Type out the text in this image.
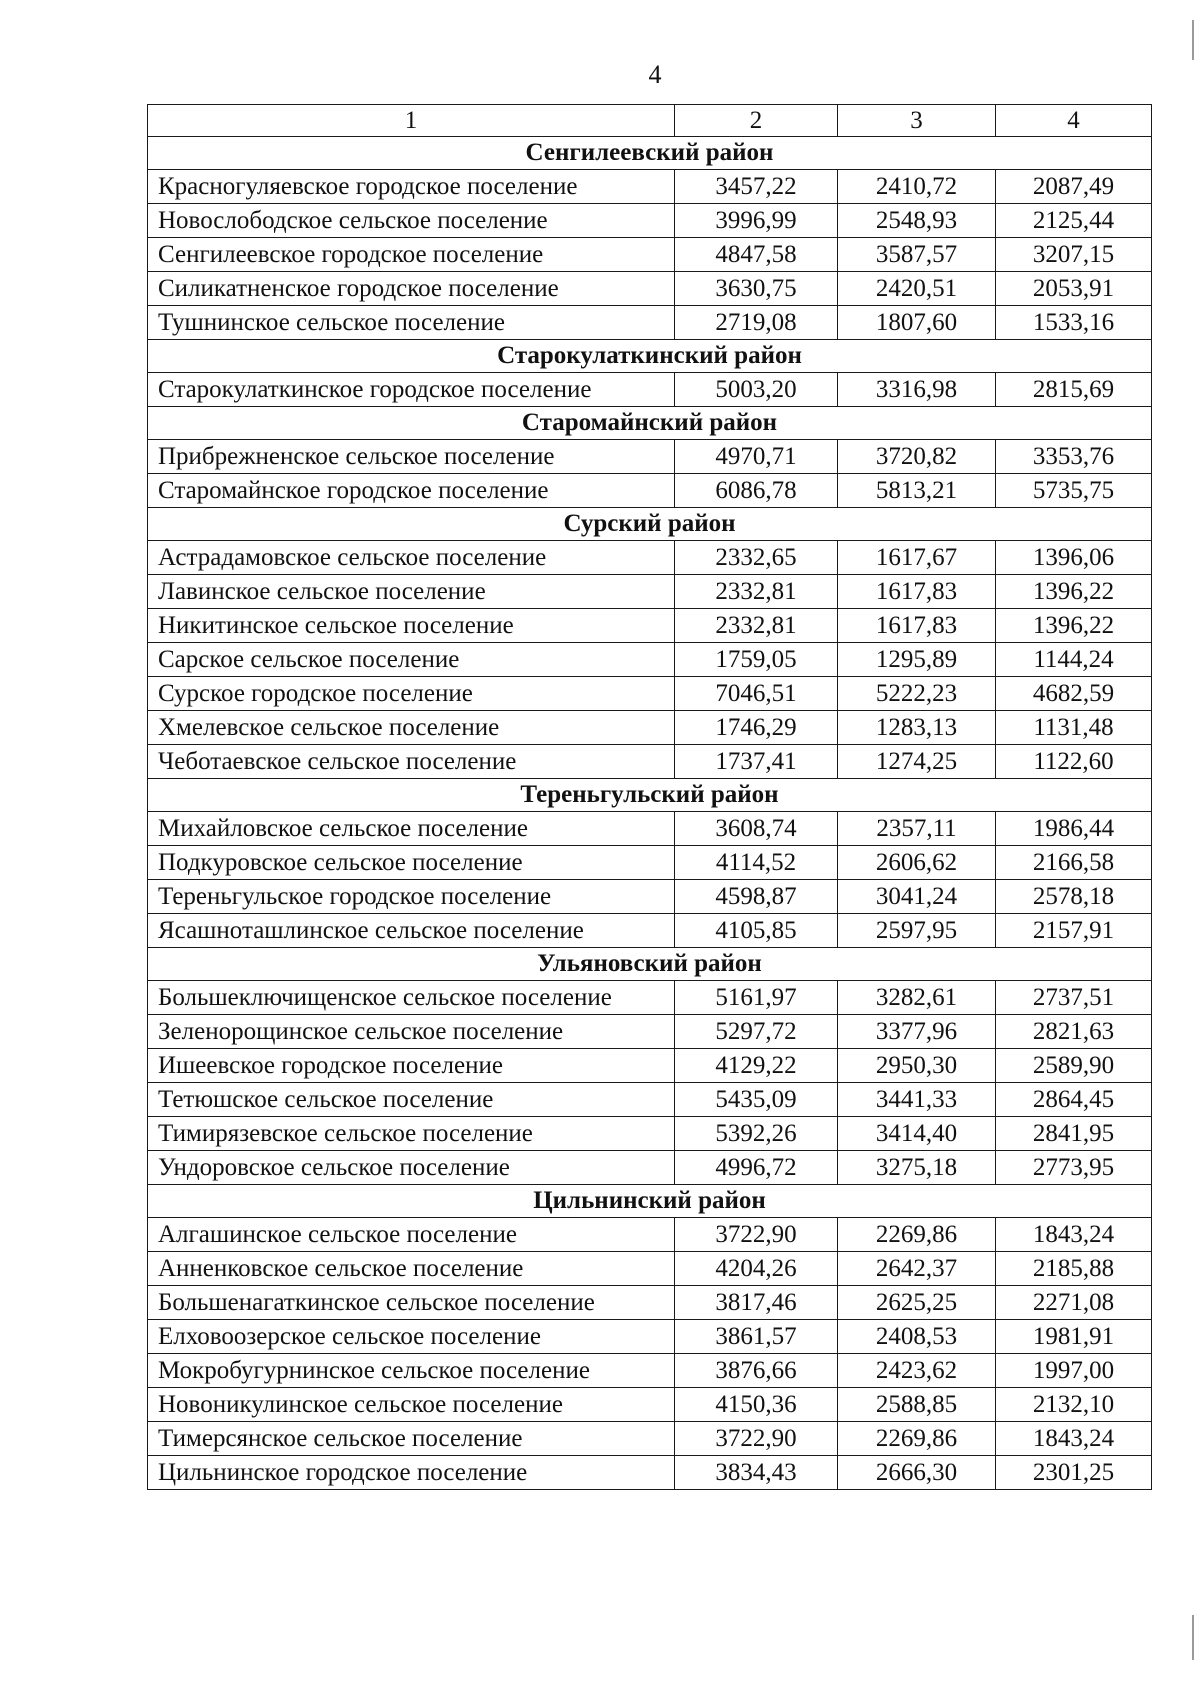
4
1	2	3	4
Сенгилеевский район			
Красногуляевское городское поселение	3457,22	2410,72	2087,49
Новослободское сельское поселение	3996,99	2548,93	2125,44
Сенгилеевское городское поселение	4847,58	3587,57	3207,15
Силикатненское городское поселение	3630,75	2420,51	2053,91
Тушнинское сельское поселение	2719,08	1807,60	1533,16
Старокулаткинский район			
Старокулаткинское городское поселение	5003,20	3316,98	2815,69
Старомайнский район			
Прибрежненское сельское поселение	4970,71	3720,82	3353,76
Старомайнское городское поселение	6086,78	5813,21	5735,75
Сурский район			
Астрадамовское сельское поселение	2332,65	1617,67	1396,06
Лавинское сельское поселение	2332,81	1617,83	1396,22
Никитинское сельское поселение	2332,81	1617,83	1396,22
Сарское сельское поселение	1759,05	1295,89	1144,24
Сурское городское поселение	7046,51	5222,23	4682,59
Хмелевское сельское поселение	1746,29	1283,13	1131,48
Чеботаевское сельское поселение	1737,41	1274,25	1122,60
Тереньгульский район			
Михайловское сельское поселение	3608,74	2357,11	1986,44
Подкуровское сельское поселение	4114,52	2606,62	2166,58
Тереньгульское городское поселение	4598,87	3041,24	2578,18
Ясашноташлинское сельское поселение	4105,85	2597,95	2157,91
Ульяновский район			
Большеключищенское сельское поселение	5161,97	3282,61	2737,51
Зеленорощинское сельское поселение	5297,72	3377,96	2821,63
Ишеевское городское поселение	4129,22	2950,30	2589,90
Тетюшское сельское поселение	5435,09	3441,33	2864,45
Тимирязевское сельское поселение	5392,26	3414,40	2841,95
Ундоровское сельское поселение	4996,72	3275,18	2773,95
Цильнинский район			
Алгашинское сельское поселение	3722,90	2269,86	1843,24
Анненковское сельское поселение	4204,26	2642,37	2185,88
Большенагаткинское сельское поселение	3817,46	2625,25	2271,08
Елховоозерское сельское поселение	3861,57	2408,53	1981,91
Мокробугурнинское сельское поселение	3876,66	2423,62	1997,00
Новоникулинское сельское поселение	4150,36	2588,85	2132,10
Тимерсянское сельское поселение	3722,90	2269,86	1843,24
Цильнинское городское поселение	3834,43	2666,30	2301,25
